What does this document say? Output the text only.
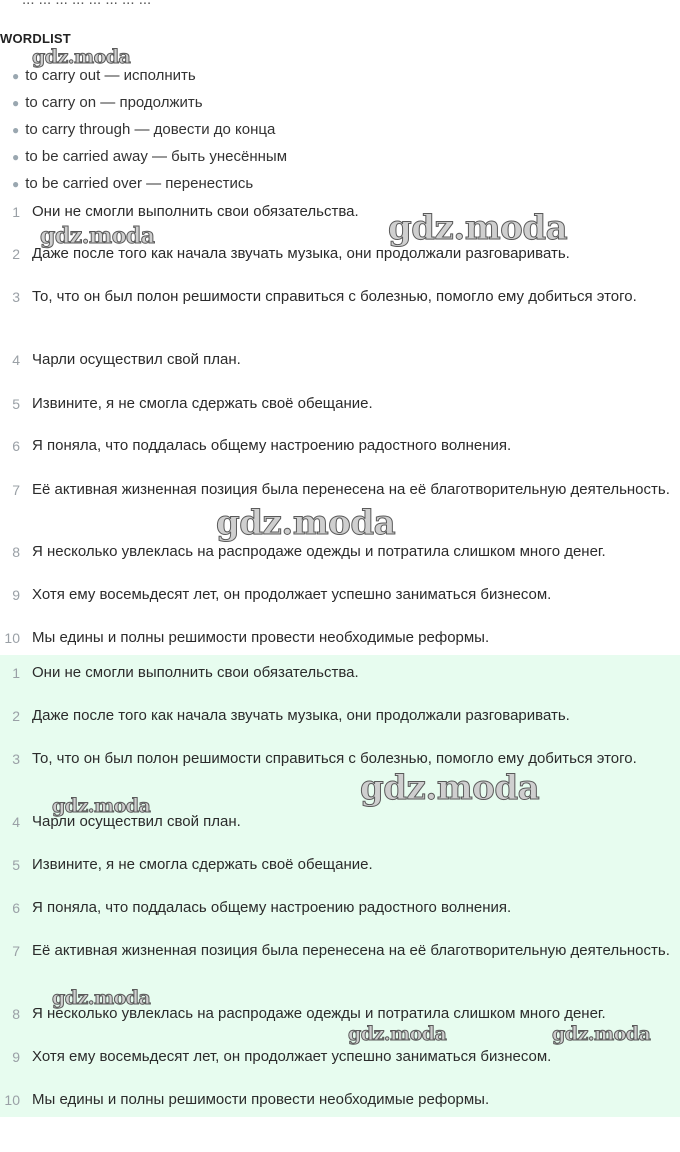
WORDLIST
● to carry out — исполнить
● to carry on — продолжить
● to carry through — довести до конца
● to be carried away — быть унесённым
● to be carried over — перенестись
1 Они не смогли выполнить свои обязательства.
2 Даже после того как начала звучать музыка, они продолжали разговаривать.
3 То, что он был полон решимости справиться с болезнью, помогло ему добиться этого.
4 Чарли осуществил свой план.
5 Извините, я не смогла сдержать своё обещание.
6 Я поняла, что поддалась общему настроению радостного волнения.
7 Её активная жизненная позиция была перенесена на её благотворительную деятельность.
8 Я несколько увлеклась на распродаже одежды и потратила слишком много денег.
9 Хотя ему восемьдесят лет, он продолжает успешно заниматься бизнесом.
10 Мы едины и полны решимости провести необходимые реформы.
1 Они не смогли выполнить свои обязательства.
2 Даже после того как начала звучать музыка, они продолжали разговаривать.
3 То, что он был полон решимости справиться с болезнью, помогло ему добиться этого.
4 Чарли осуществил свой план.
5 Извините, я не смогла сдержать своё обещание.
6 Я поняла, что поддалась общему настроению радостного волнения.
7 Её активная жизненная позиция была перенесена на её благотворительную деятельность.
8 Я несколько увлеклась на распродаже одежды и потратила слишком много денег.
9 Хотя ему восемьдесят лет, он продолжает успешно заниматься бизнесом.
10 Мы едины и полны решимости провести необходимые реформы.
gdz.moda
gdz.moda	gdz.moda
gdz.moda
gdz.moda
gdz.moda
gdz.moda
gdz.moda	gdz.moda
